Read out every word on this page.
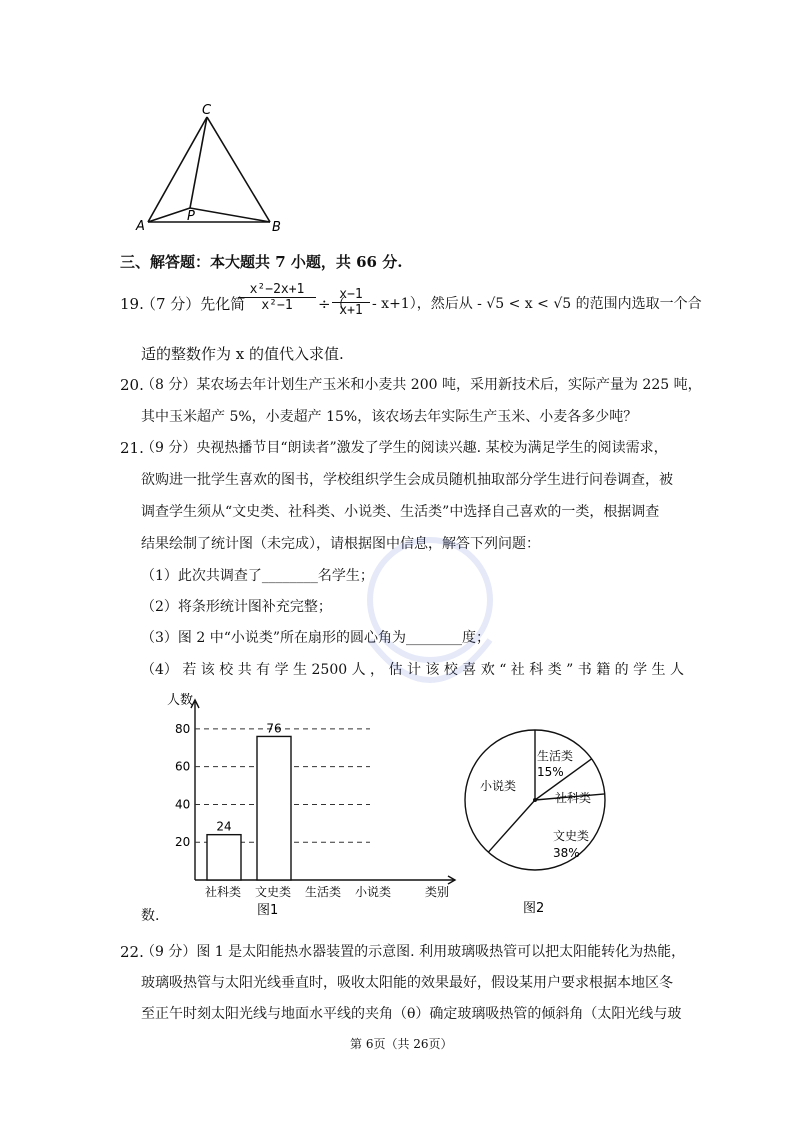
C
P
A	B
三、解答题：本大题共 7 小题，共 66 分.
19.
（7 分）先化简
$\frac{\text{x²−2x+1}}{\text{x²−1}}$ ÷（
$\frac{x-1}{x+1} - x+1$），然后从 - √5 < x < √5 的范围内选取一个合
适的整数作为 x 的值代入求值.
20.
（8 分）某农场去年计划生产玉米和小麦共 200 吨，采用新技术后，实际产量为 225 吨，
其中玉米超产 5%，小麦超产 15%，该农场去年实际生产玉米、小麦各多少吨？
21.
（9 分）央视热播节目“朗读者”激发了学生的阅读兴趣. 某校为满足学生的阅读需求，
欲购进一批学生喜欢的图书，学校组织学生会成员随机抽取部分学生进行问卷调查，被
调查学生须从“文史类、社科类、小说类、生活类”中选择自己喜欢的一类，根据调查
结果绘制了统计图（未完成），请根据图中信息，解答下列问题：
（1）此次共调查了________名学生；
（2）将条形统计图补充完整；
（3）图 2 中“小说类”所在扇形的圆心角为________度；
（4） 若 该 校 共 有 学 生 2500 人 ， 估 计 该 校 喜 欢 “ 社 科 类 ” 书 籍 的 学 生 人
人数
类别
20
40
60
80
社科类
24
文史类
76
生活类 小说类
图1
生活类
15%
社科类
文史类
38%
小说类
图2
数.
22.
（9 分）图 1 是太阳能热水器装置的示意图. 利用玻璃吸热管可以把太阳能转化为热能，
玻璃吸热管与太阳光线垂直时，吸收太阳能的效果最好，假设某用户要求根据本地区冬
至正午时刻太阳光线与地面水平线的夹角（θ）确定玻璃吸热管的倾斜角（太阳光线与玻
第 6页（共 26页）
